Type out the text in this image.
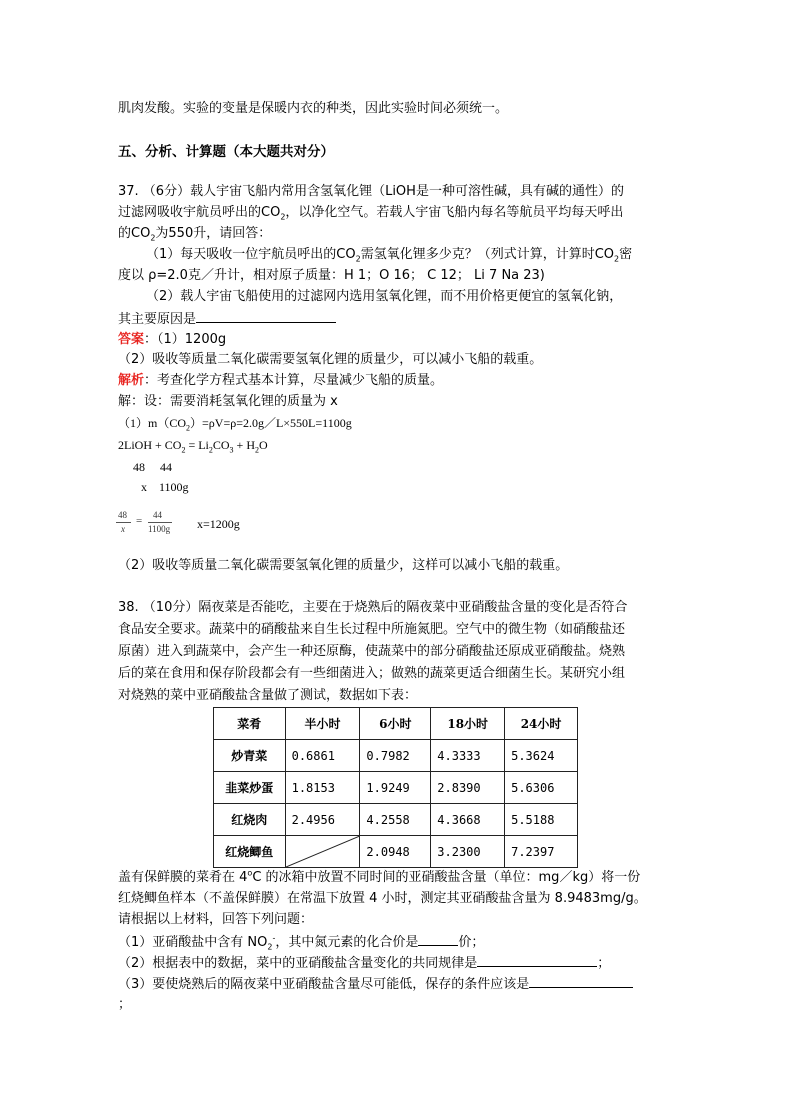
肌肉发酸。实验的变量是保暖内衣的种类，因此实验时间必须统一。
五、分析、计算题（本大题共对分）
37. （6分）载人宇宙飞船内常用含氢氧化锂（LiOH是一种可溶性碱，具有碱的通性）的
过滤网吸收宇航员呼出的$CO_2$，以净化空气。若载人宇宙飞船内每名等航员平均每天呼出
的$CO_2$为550升，请回答：
（1）每天吸收一位宇航员呼出的$CO_2$需氢氧化锂多少克？（列式计算，计算时$CO_2$密
度以 ρ=2.0克／升计，相对原子质量：H 1；O 16； C 12； Li 7 Na 23)
（2）载人宇宙飞船使用的过滤网内选用氢氧化锂，而不用价格更便宜的氢氧化钠，
其主要原因是
答案：（1）1200g
（2）吸收等质量二氧化碳需要氢氧化锂的质量少，可以减小飞船的载重。
解析：考查化学方程式基本计算，尽量减少飞船的质量。
解：设：需要消耗氢氧化锂的质量为 x
$(1)m(CO_2)=\rho V=\rho=2.0g/L\times 550L=1100g$
2LiOH + $CO_2 = Li_2CO_3 + H_2O$
48     44
x    1100g
48
x
= 44
1100g x=1200g
（2）吸收等质量二氧化碳需要氢氧化锂的质量少，这样可以减小飞船的载重。
38. （10分）隔夜菜是否能吃，主要在于烧熟后的隔夜菜中亚硝酸盐含量的变化是否符合
食品安全要求。蔬菜中的硝酸盐来自生长过程中所施氮肥。空气中的微生物（如硝酸盐还
原菌）进入到蔬菜中，会产生一种还原酶，使蔬菜中的部分硝酸盐还原成亚硝酸盐。烧熟
后的菜在食用和保存阶段都会有一些细菌进入；做熟的蔬菜更适合细菌生长。某研究小组
对烧熟的菜中亚硝酸盐含量做了测试，数据如下表：
菜肴	半小时	6小时	18小时	24小时
炒青菜	0.6861	0.7982	4.3333	5.3624
韭菜炒蛋	1.8153	1.9249	2.8390	5.6306
红烧肉	2.4956	4.2558	4.3668	5.5188
红烧鲫鱼		2.0948	3.2300	7.2397
盖有保鲜膜的菜肴在 4$^o$C 的冰箱中放置不同时间的亚硝酸盐含量（单位：mg／kg）将一份
红烧鲫鱼样本（不盖保鲜膜）在常温下放置 4 小时，测定其亚硝酸盐含量为 8.9483mg/g。
请根据以上材料，回答下列问题：
（1）亚硝酸盐中含有 $NO_2^-$，其中氮元素的化合价是	价；
（2）根据表中的数据，菜中的亚硝酸盐含量变化的共同规律是	；
（3）要使烧熟后的隔夜菜中亚硝酸盐含量尽可能低，保存的条件应该是
；
